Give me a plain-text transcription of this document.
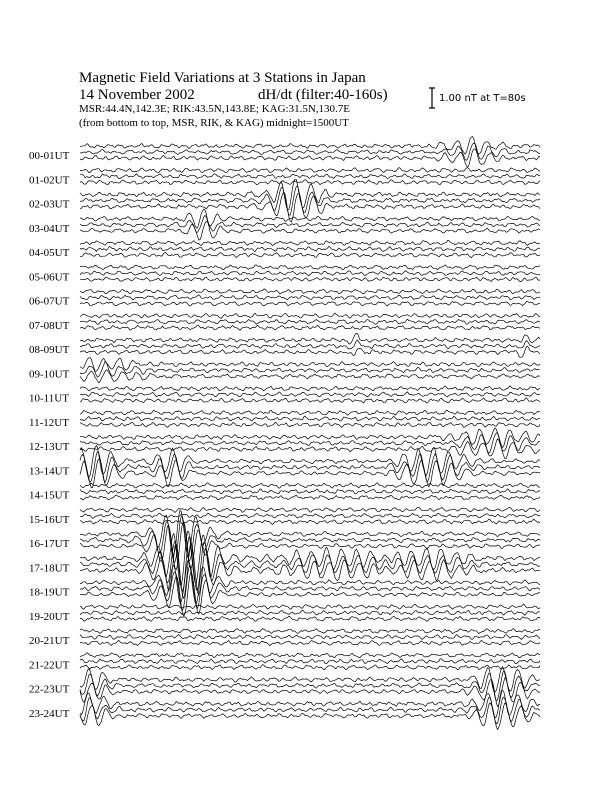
Magnetic Field Variations at 3 Stations in Japan
14 November 2002	dH/dt (filter:40-160s)
MSR:44.4N,142.3E; RIK:43.5N,143.8E; KAG:31.5N,130.7E
(from bottom to top, MSR, RIK, & KAG) midnight=1500UT
1.00 nT at T=80s
00-01UT
01-02UT
02-03UT
03-04UT
04-05UT
05-06UT
06-07UT
07-08UT
08-09UT
09-10UT
10-11UT
11-12UT
12-13UT
13-14UT
14-15UT
15-16UT
16-17UT
17-18UT
18-19UT
19-20UT
20-21UT
21-22UT
22-23UT
23-24UT
